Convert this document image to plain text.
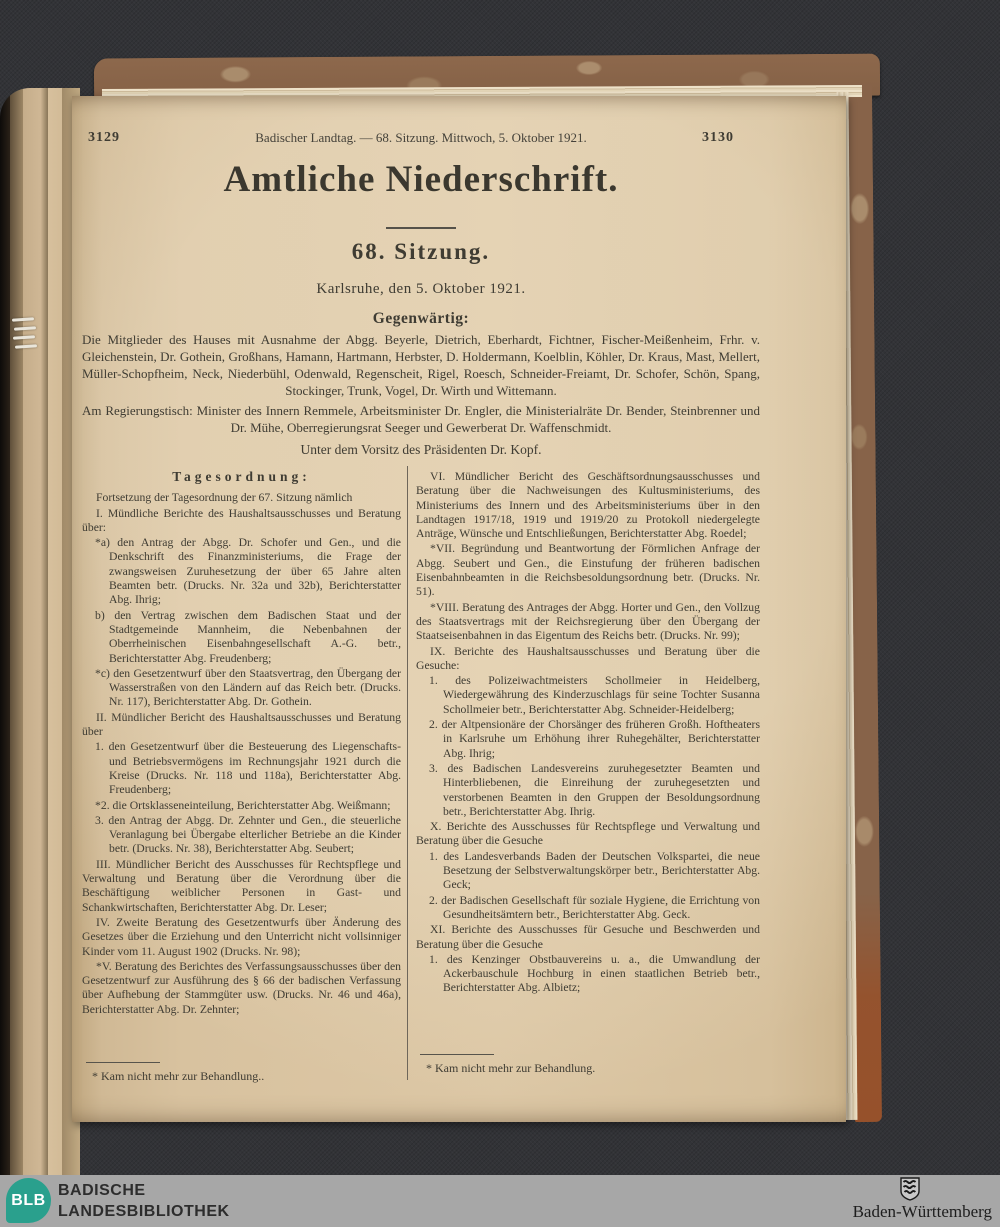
3129	Badischer Landtag. — 68. Sitzung. Mittwoch, 5. Oktober 1921.	3130
Amtliche Niederschrift.
68. Sitzung.
Karlsruhe, den 5. Oktober 1921.
Gegenwärtig:

Die Mitglieder des Hauses mit Ausnahme der Abgg. Beyerle, Dietrich, Eberhardt, Fichtner, Fischer-Meißenheim, Frhr. v. Gleichenstein, Dr. Gothein, Großhans, Hamann, Hartmann, Herbster, D. Holdermann, Koelblin, Köhler, Dr. Kraus, Mast, Mellert, Müller-Schopfheim, Neck, Niederbühl, Odenwald, Regenscheit, Rigel, Roesch, Schneider-Freiamt, Dr. Schofer, Schön, Spang, Stockinger, Trunk, Vogel, Dr. Wirth und Wittemann.

Am Regierungstisch: Minister des Innern Remmele, Arbeitsminister Dr. Engler, die Ministerialräte Dr. Bender, Steinbrenner und Dr. Mühe, Oberregierungsrat Seeger und Gewerberat Dr. Waffenschmidt.

Unter dem Vorsitz des Präsidenten Dr. Kopf.

Tagesordnung:

Fortsetzung der Tagesordnung der 67. Sitzung nämlich

I. Mündliche Berichte des Haushaltsausschusses und Beratung über:

*a) den Antrag der Abgg. Dr. Schofer und Gen., und die Denkschrift des Finanzministeriums, die Frage der zwangsweisen Zuruhesetzung der über 65 Jahre alten Beamten betr. (Drucks. Nr. 32a und 32b), Berichterstatter Abg. Ihrig;

b) den Vertrag zwischen dem Badischen Staat und der Stadtgemeinde Mannheim, die Nebenbahnen der Oberrheinischen Eisenbahngesellschaft A.-G. betr., Berichterstatter Abg. Freudenberg;

*c) den Gesetzentwurf über den Staatsvertrag, den Übergang der Wasserstraßen von den Ländern auf das Reich betr. (Drucks. Nr. 117), Berichterstatter Abg. Dr. Gothein.

II. Mündlicher Bericht des Haushaltsausschusses und Beratung über

1. den Gesetzentwurf über die Besteuerung des Liegenschafts- und Betriebsvermögens im Rechnungsjahr 1921 durch die Kreise (Drucks. Nr. 118 und 118a), Berichterstatter Abg. Freudenberg;

*2. die Ortsklasseneinteilung, Berichterstatter Abg. Weißmann;

3. den Antrag der Abgg. Dr. Zehnter und Gen., die steuerliche Veranlagung bei Übergabe elterlicher Betriebe an die Kinder betr. (Drucks. Nr. 38), Berichterstatter Abg. Seubert;

III. Mündlicher Bericht des Ausschusses für Rechtspflege und Verwaltung und Beratung über die Verordnung über die Beschäftigung weiblicher Personen in Gast- und Schankwirtschaften, Berichterstatter Abg. Dr. Leser;

IV. Zweite Beratung des Gesetzentwurfs über Änderung des Gesetzes über die Erziehung und den Unterricht nicht vollsinniger Kinder vom 11. August 1902 (Drucks. Nr. 98);

*V. Beratung des Berichtes des Verfassungsausschusses über den Gesetzentwurf zur Ausführung des § 66 der badischen Verfassung über Aufhebung der Stammgüter usw. (Drucks. Nr. 46 und 46a), Berichterstatter Abg. Dr. Zehnter;

* Kam nicht mehr zur Behandlung..

VI. Mündlicher Bericht des Geschäftsordnungsausschusses und Beratung über die Nachweisungen des Kultusministeriums, des Ministeriums des Innern und des Arbeitsministeriums über in den Landtagen 1917/18, 1919 und 1919/20 zu Protokoll niedergelegte Anträge, Wünsche und Entschließungen, Berichterstatter Abg. Roedel;

*VII. Begründung und Beantwortung der Förmlichen Anfrage der Abgg. Seubert und Gen., die Einstufung der früheren badischen Eisenbahnbeamten in die Reichsbesoldungsordnung betr. (Drucks. Nr. 51).

*VIII. Beratung des Antrages der Abgg. Horter und Gen., den Vollzug des Staatsvertrags mit der Reichsregierung über den Übergang der Staatseisenbahnen in das Eigentum des Reichs betr. (Drucks. Nr. 99);

IX. Berichte des Haushaltsausschusses und Beratung über die Gesuche:

1. des Polizeiwachtmeisters Schollmeier in Heidelberg, Wiedergewährung des Kinderzuschlags für seine Tochter Susanna Schollmeier betr., Berichterstatter Abg. Schneider-Heidelberg;

2. der Altpensionäre der Chorsänger des früheren Großh. Hoftheaters in Karlsruhe um Erhöhung ihrer Ruhegehälter, Berichterstatter Abg. Ihrig;

3. des Badischen Landesvereins zuruhegesetzter Beamten und Hinterbliebenen, die Einreihung der zuruhegesetzten und verstorbenen Beamten in den Gruppen der Besoldungsordnung betr., Berichterstatter Abg. Ihrig.

X. Berichte des Ausschusses für Rechtspflege und Verwaltung und Beratung über die Gesuche

1. des Landesverbands Baden der Deutschen Volkspartei, die neue Besetzung der Selbstverwaltungskörper betr., Berichterstatter Abg. Geck;

2. der Badischen Gesellschaft für soziale Hygiene, die Errichtung von Gesundheitsämtern betr., Berichterstatter Abg. Geck.

XI. Berichte des Ausschusses für Gesuche und Beschwerden und Beratung über die Gesuche

1. des Kenzinger Obstbauvereins u. a., die Umwandlung der Ackerbauschule Hochburg in einen staatlichen Betrieb betr., Berichterstatter Abg. Albietz;

* Kam nicht mehr zur Behandlung.

BLB
BADISCHE
LANDESBIBLIOTHEK	Baden-Württemberg
